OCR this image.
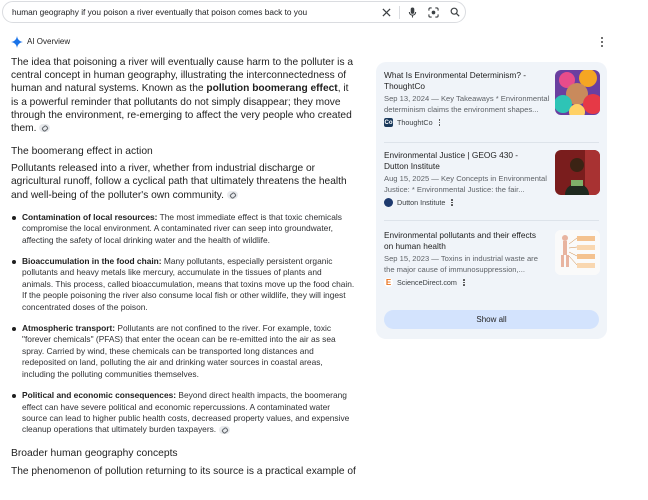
human geography if you poison a river eventually that poison comes back to you
AI Overview

The idea that poisoning a river will eventually cause harm to the polluter is a central concept in human geography, illustrating the interconnectedness of human and natural systems. Known as the pollution boomerang effect, it is a powerful reminder that pollutants do not simply disappear; they move through the environment, re-emerging to affect the very people who created them.

The boomerang effect in action

Pollutants released into a river, whether from industrial discharge or agricultural runoff, follow a cyclical path that ultimately threatens the health and well-being of the polluter's own community.

Contamination of local resources: The most immediate effect is that toxic chemicals compromise the local environment. A contaminated river can seep into groundwater, affecting the safety of local drinking water and the health of wildlife.
Bioaccumulation in the food chain: Many pollutants, especially persistent organic pollutants and heavy metals like mercury, accumulate in the tissues of plants and animals. This process, called bioaccumulation, means that toxins move up the food chain. If the people poisoning the river also consume local fish or other wildlife, they will ingest concentrated doses of the poison.
Atmospheric transport: Pollutants are not confined to the river. For example, toxic "forever chemicals" (PFAS) that enter the ocean can be re-emitted into the air as sea spray. Carried by wind, these chemicals can be transported long distances and redeposited on land, polluting the air and drinking water sources in coastal areas, including the polluting communities themselves.
Political and economic consequences: Beyond direct health impacts, the boomerang effect can have severe political and economic repercussions. A contaminated water source can lead to higher public health costs, decreased property values, and expensive cleanup operations that ultimately burden taxpayers.
Broader human geography concepts

The phenomenon of pollution returning to its source is a practical example of

What Is Environmental Determinism? - ThoughtCo
Sep 13, 2024 — Key Takeaways * Environmental
determinism claims the environment shapes...
Co ThoughtCo
Environmental Justice | GEOG 430 - Dutton Institute
Aug 15, 2025 — Key Concepts in Environmental
Justice: * Environmental Justice: the fair...
Dutton Institute
Environmental pollutants and their effects on human health
Sep 15, 2023 — Toxins in industrial waste are
the major cause of immunosuppression,...
E ScienceDirect.com
Show all
